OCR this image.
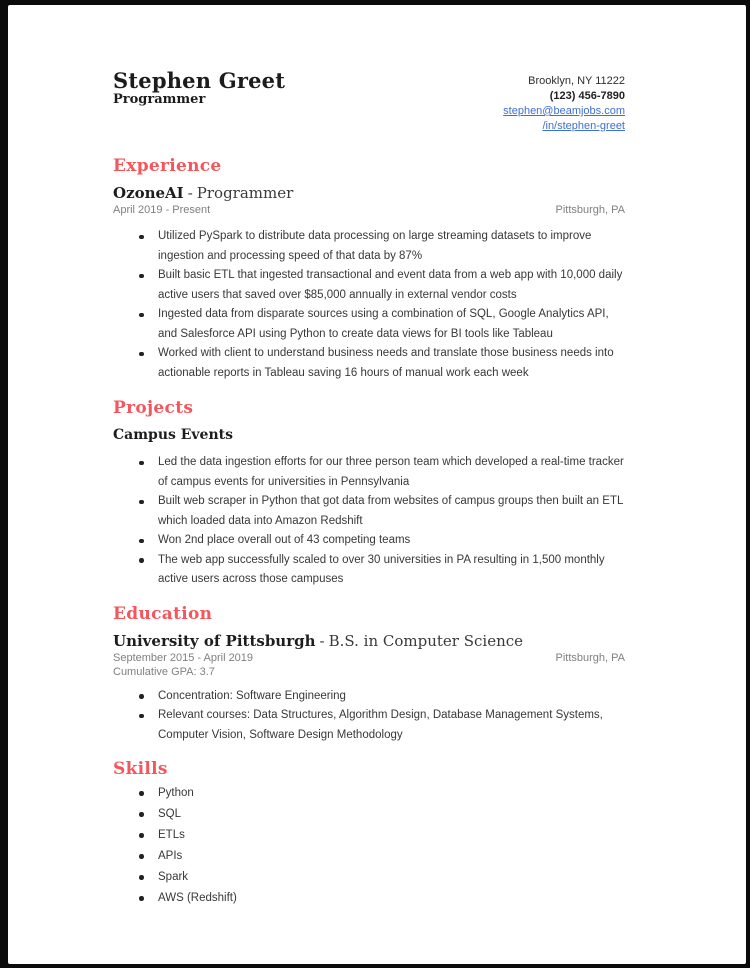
Stephen Greet
Programmer
Brooklyn, NY 11222
(123) 456-7890
stephen@beamjobs.com
/in/stephen-greet
Experience
OzoneAI - Programmer
April 2019 - Present	Pittsburgh, PA
Utilized PySpark to distribute data processing on large streaming datasets to improve ingestion and processing speed of that data by 87%
Built basic ETL that ingested transactional and event data from a web app with 10,000 daily active users that saved over $85,000 annually in external vendor costs
Ingested data from disparate sources using a combination of SQL, Google Analytics API, and Salesforce API using Python to create data views for BI tools like Tableau
Worked with client to understand business needs and translate those business needs into actionable reports in Tableau saving 16 hours of manual work each week
Projects
Campus Events
Led the data ingestion efforts for our three person team which developed a real-time tracker of campus events for universities in Pennsylvania
Built web scraper in Python that got data from websites of campus groups then built an ETL which loaded data into Amazon Redshift
Won 2nd place overall out of 43 competing teams
The web app successfully scaled to over 30 universities in PA resulting in 1,500 monthly active users across those campuses
Education
University of Pittsburgh - B.S. in Computer Science
September 2015 - April 2019	Pittsburgh, PA
Cumulative GPA: 3.7
Concentration: Software Engineering
Relevant courses: Data Structures, Algorithm Design, Database Management Systems, Computer Vision, Software Design Methodology
Skills
Python
SQL
ETLs
APIs
Spark
AWS (Redshift)
